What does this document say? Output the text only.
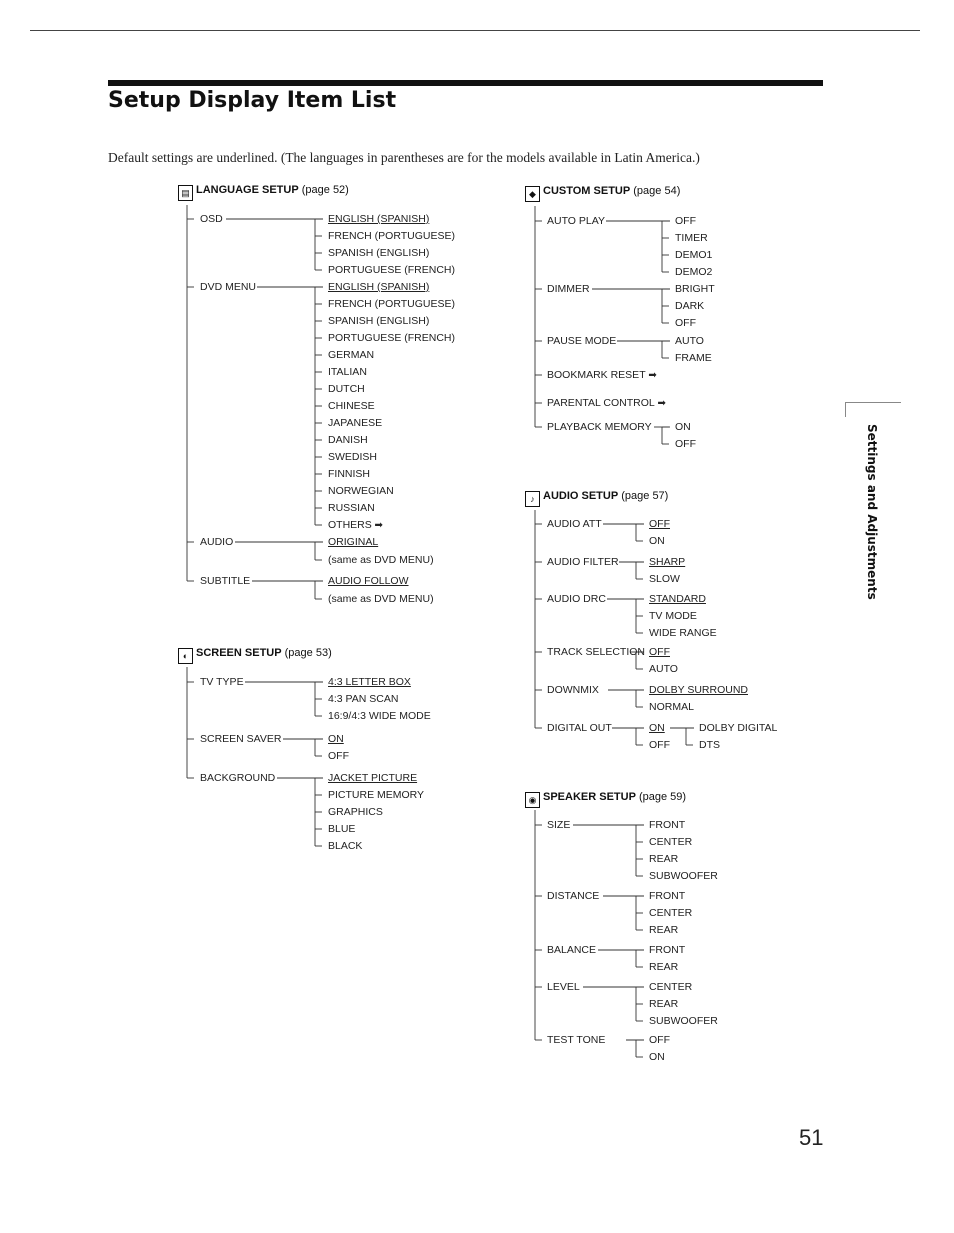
Setup Display Item List
Default settings are underlined. (The languages in parentheses are for the models available in Latin America.)
▤ LANGUAGE SETUP (page 52)
◐ SCREEN SETUP (page 53)
◆ CUSTOM SETUP (page 54)
♪ AUDIO SETUP (page 57)
◉ SPEAKER SETUP (page 59)
OSD	ENGLISH (SPANISH)
FRENCH (PORTUGUESE)
SPANISH (ENGLISH)
PORTUGUESE (FRENCH)
DVD MENU	ENGLISH (SPANISH)
FRENCH (PORTUGUESE)
SPANISH (ENGLISH)
PORTUGUESE (FRENCH)
GERMAN
ITALIAN
DUTCH
CHINESE
JAPANESE
DANISH
SWEDISH
FINNISH
NORWEGIAN
RUSSIAN
OTHERS ➡
AUDIO	ORIGINAL
(same as DVD MENU)
SUBTITLE	AUDIO FOLLOW
(same as DVD MENU)
TV TYPE	4:3 LETTER BOX
4:3 PAN SCAN
16:9/4:3 WIDE MODE
SCREEN SAVER	ON
OFF
BACKGROUND	JACKET PICTURE
PICTURE MEMORY
GRAPHICS
BLUE
BLACK
AUTO PLAY	OFF
TIMER
DEMO1
DEMO2
DIMMER	BRIGHT
DARK
OFF
PAUSE MODE	AUTO
FRAME
BOOKMARK RESET ➡
PARENTAL CONTROL ➡
PLAYBACK MEMORY ON
OFF
AUDIO ATT	OFF
ON
AUDIO FILTER	SHARP
SLOW
AUDIO DRC	STANDARD
TV MODE
WIDE RANGE
TRACK SELECTION OFF
AUTO
DOWNMIX	DOLBY SURROUND
NORMAL
DIGITAL OUT	ON
OFF
DOLBY DIGITAL
DTS
SIZE	FRONT
CENTER
REAR
SUBWOOFER
DISTANCE	FRONT
CENTER
REAR
BALANCE	FRONT
REAR
LEVEL	CENTER
REAR
SUBWOOFER
TEST TONE	OFF
ON
Settings and Adjustments
51
